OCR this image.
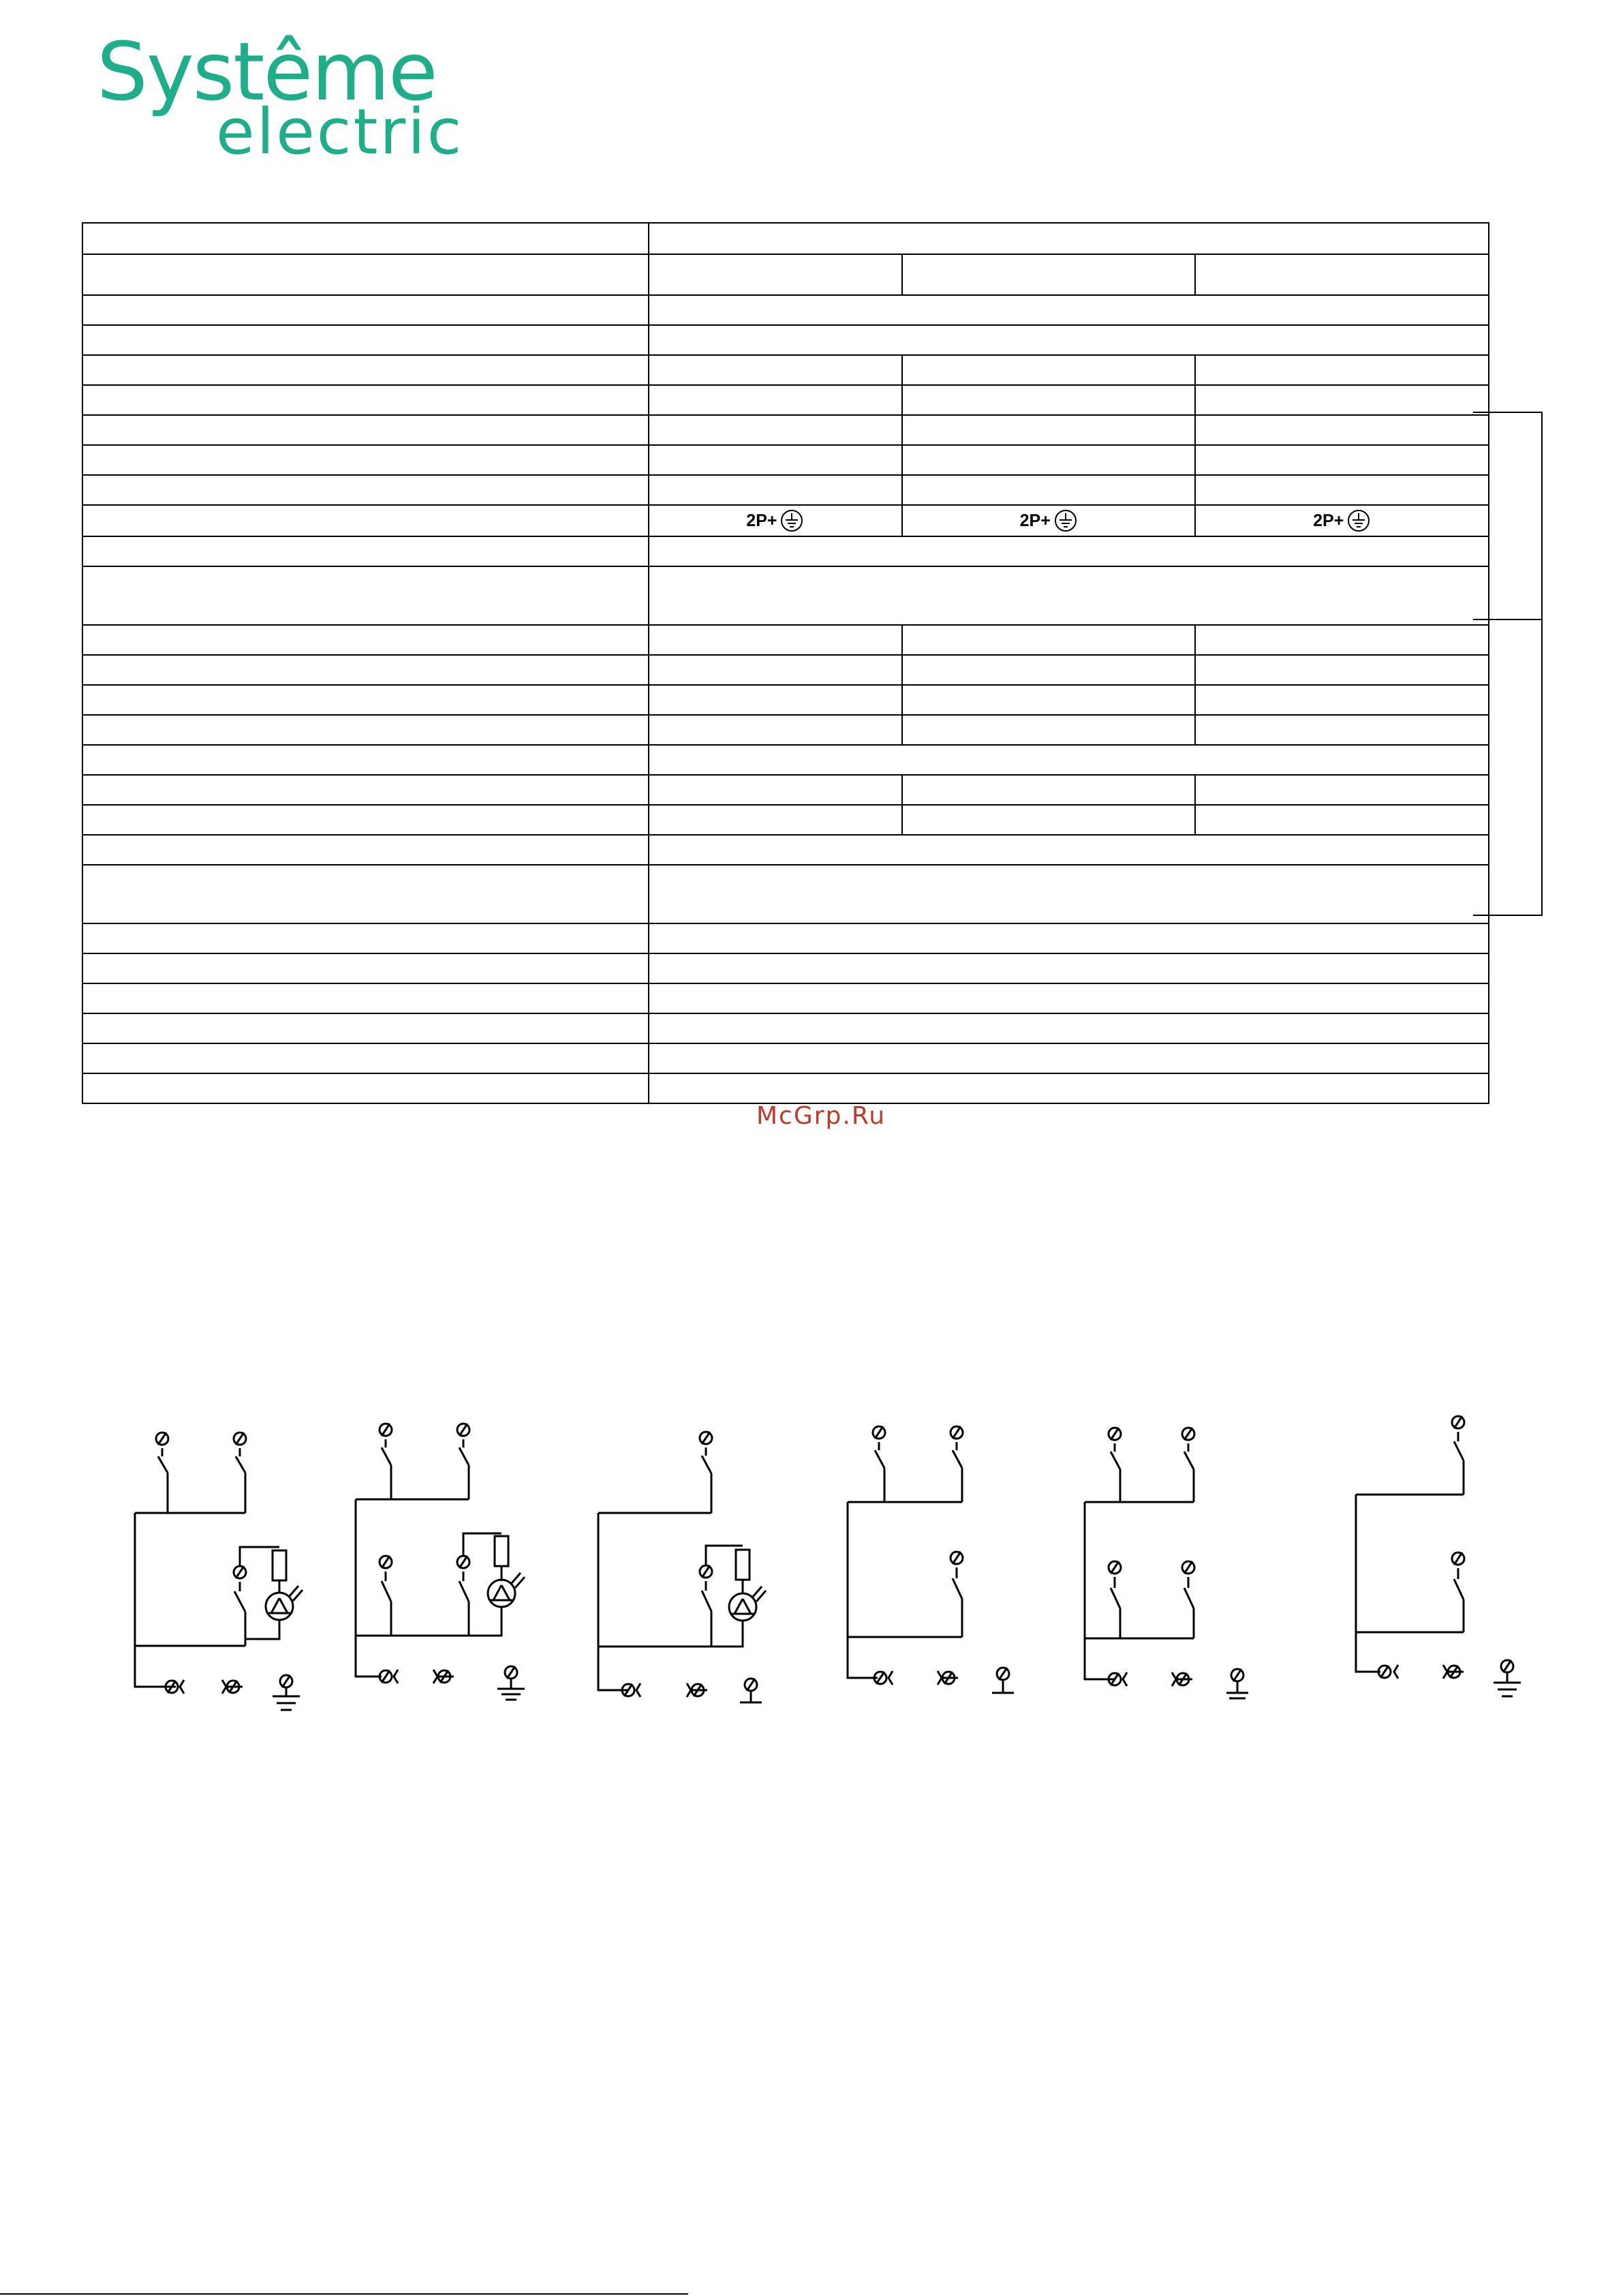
Systême
electric

	2P+	2P+	2P+

McGrp.Ru
